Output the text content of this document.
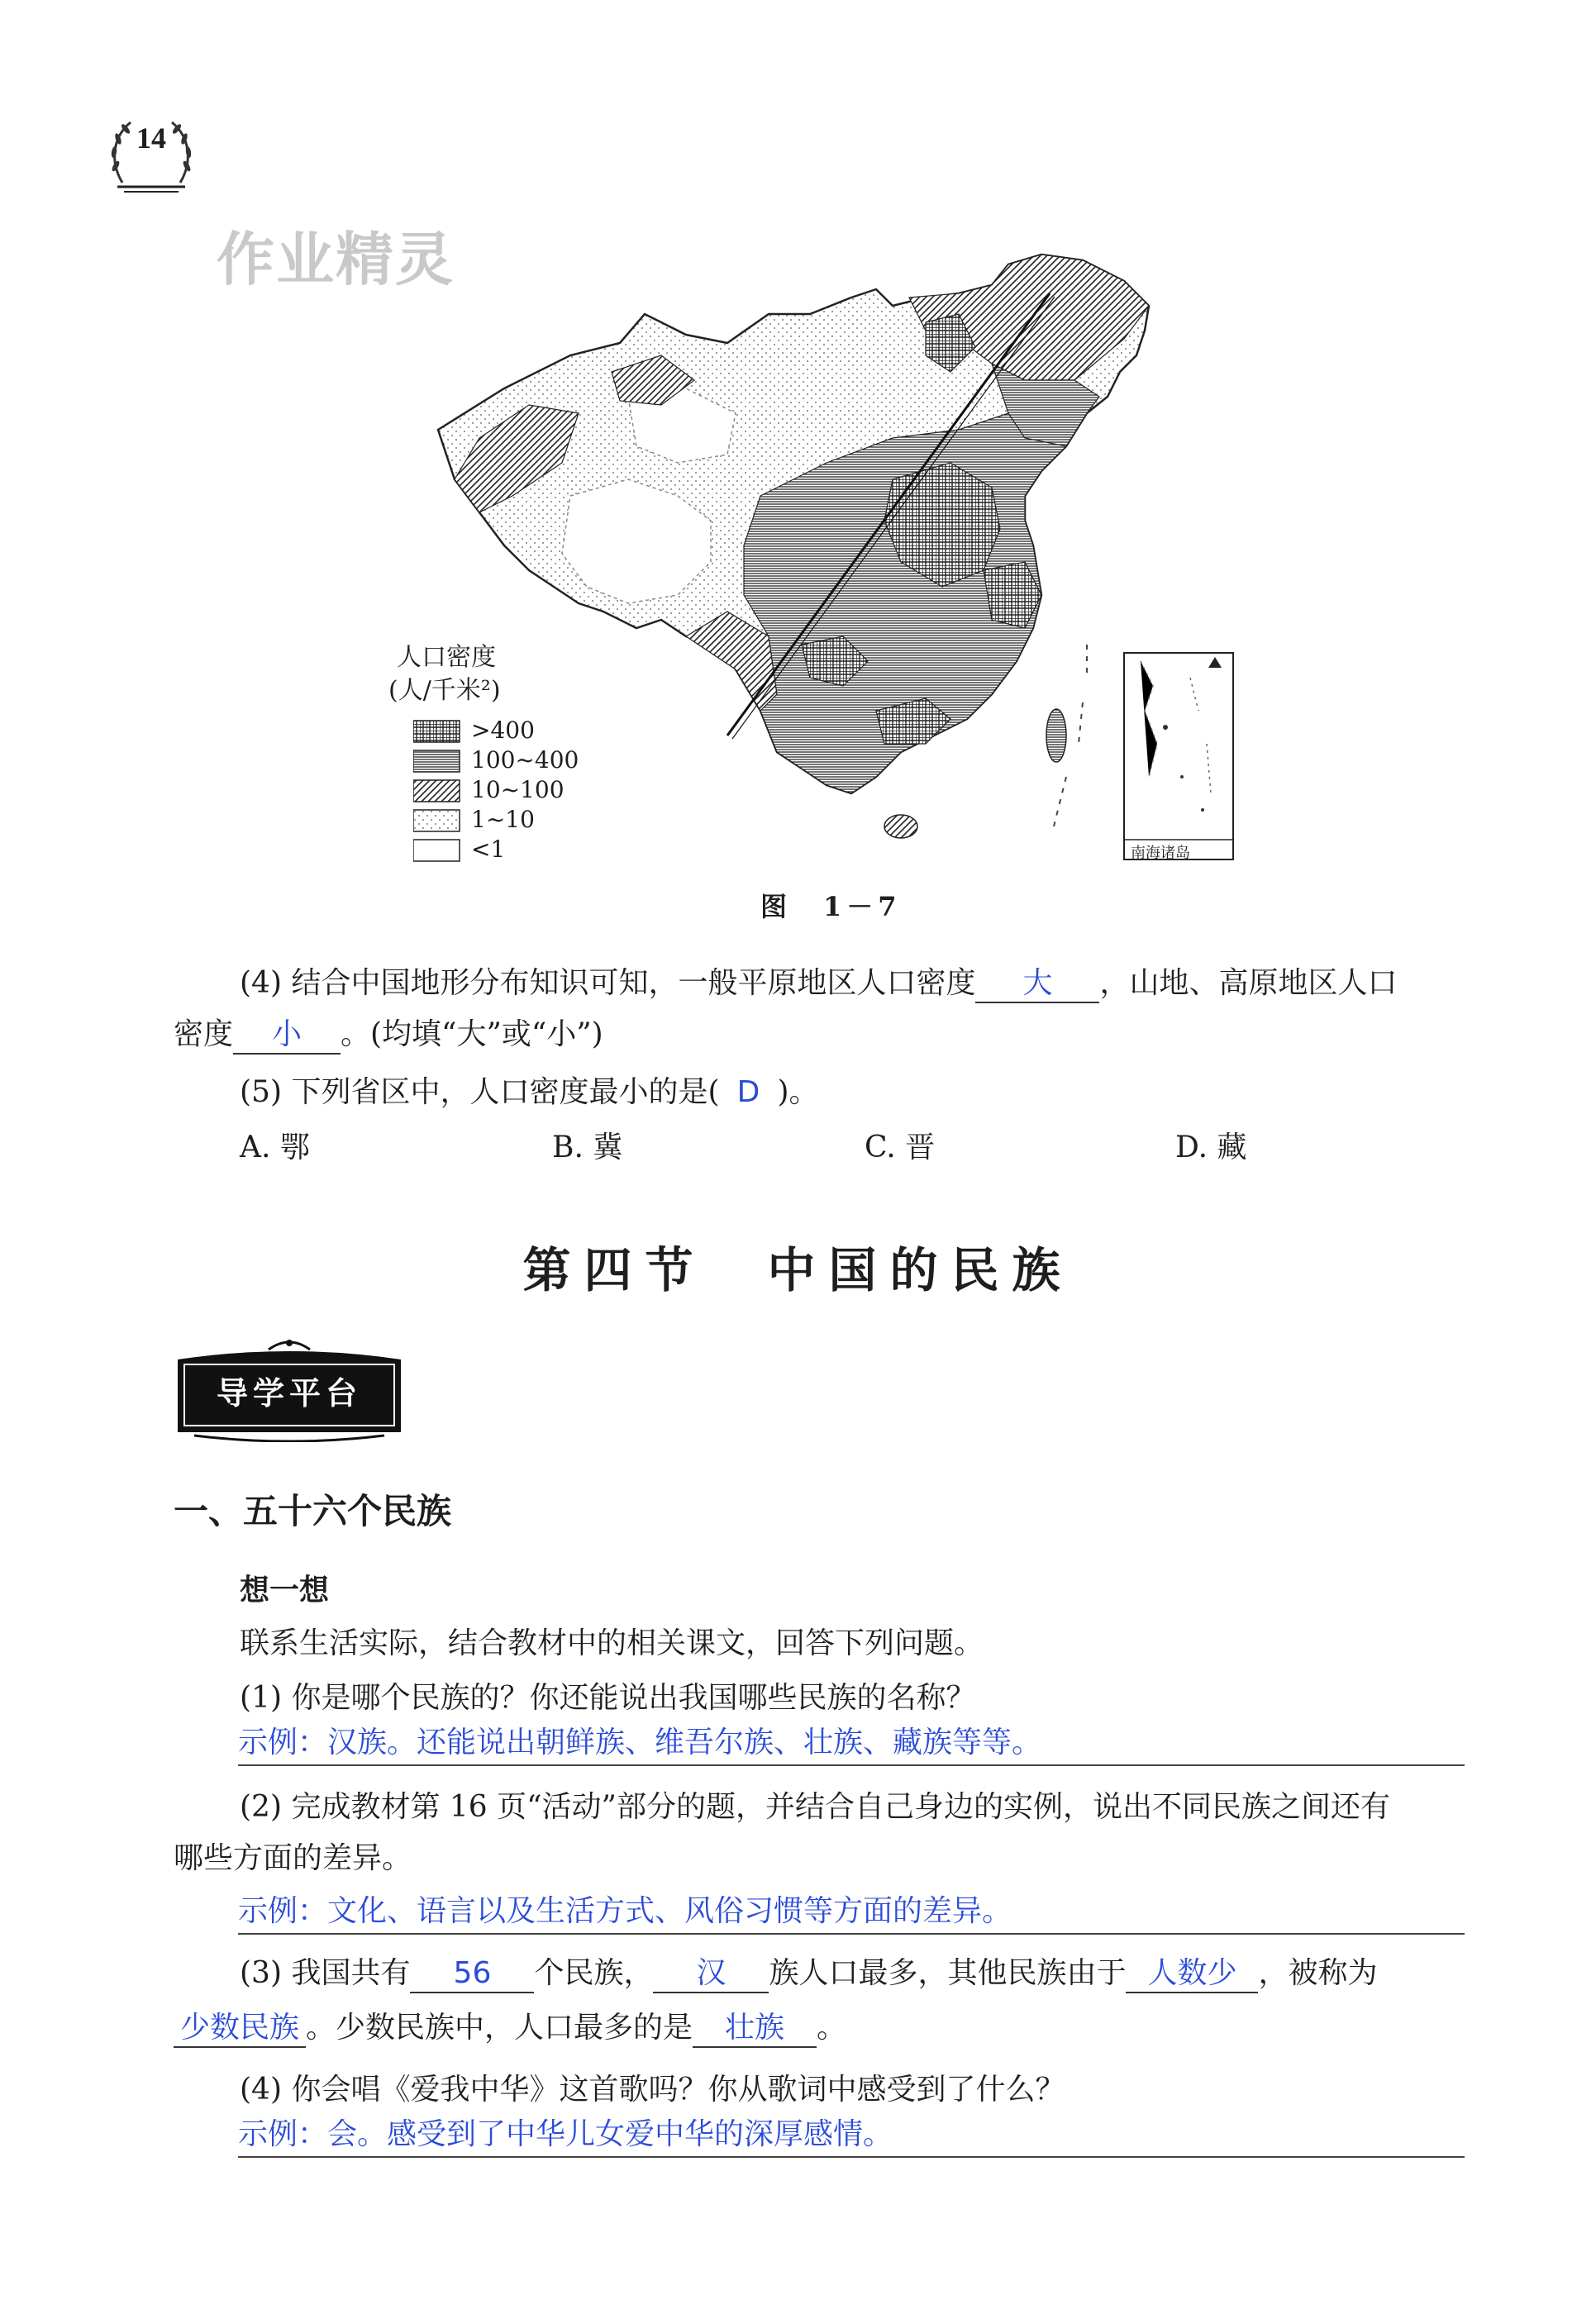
14
作业精灵
人口密度
(人/千米²)
>400
100~400
10~100
1~10
<1	南海诸岛
图　1－7
(4) 结合中国地形分布知识可知，一般平原地区人口密度 大 ，山地、高原地区人口
密度 小 。(均填“大”或“小”)
(5) 下列省区中，人口密度最小的是( D )。
A. 鄂	B. 冀	C. 晋	D. 藏
第四节　中国的民族
导学平台
一、五十六个民族
想一想
联系生活实际，结合教材中的相关课文，回答下列问题。
(1) 你是哪个民族的？你还能说出我国哪些民族的名称？
示例：汉族。还能说出朝鲜族、维吾尔族、壮族、藏族等等。
(2) 完成教材第 16 页“活动”部分的题，并结合自己身边的实例，说出不同民族之间还有
哪些方面的差异。
示例：文化、语言以及生活方式、风俗习惯等方面的差异。
(3) 我国共有 56 个民族， 汉 族人口最多，其他民族由于 人数少 ，被称为
少数民族 。少数民族中，人口最多的是 壮族 。
(4) 你会唱《爱我中华》这首歌吗？你从歌词中感受到了什么？
示例：会。感受到了中华儿女爱中华的深厚感情。
